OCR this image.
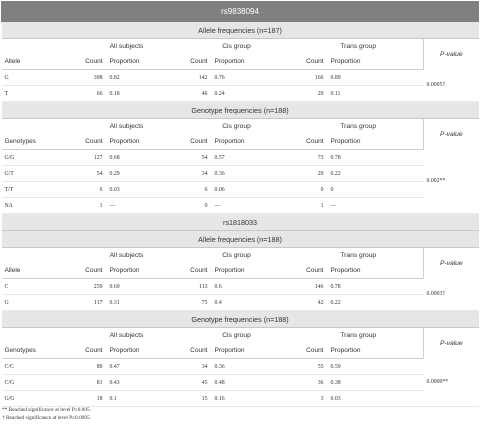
rs9838094							
Allele frequencies (n=187)							
	All subjects		Cis group		Trans group		P-value
Allele	Count	Proportion	Count	Proportion	Count	Proportion	
G	308	0.82	142	0.76	166	0.89	0.0005†
T	66	0.18	46	0.24	20	0.11	
Genotype frequencies (n=188)							
	All subjects		Cis group		Trans group		P-value
Genotypes	Count	Proportion	Count	Proportion	Count	Proportion	
G/G	127	0.68	54	0.57	73	0.78	0.002**
G/T	54	0.29	34	0.36	20	0.22	
T/T	6	0.03	6	0.06	0	0	
NA	1	—	0	—	1	—	
rs1818033							
Allele frequencies (n=188)							
	All subjects		Cis group		Trans group		P-value
Allele	Count	Proportion	Count	Proportion	Count	Proportion	
C	259	0.69	113	0.6	146	0.78	0.0003†
G	117	0.31	75	0.4	42	0.22	
Genotype frequencies (n=188)							
	All subjects		Cis group		Trans group		P-value
Genotypes	Count	Proportion	Count	Proportion	Count	Proportion	
C/C	89	0.47	34	0.36	55	0.59	0.0009**
C/G	81	0.43	45	0.48	36	0.38	
G/G	18	0.1	15	0.16	3	0.03	
** Reached significance at level P≤0.005.
† Reached significance at level P≤0.0005.
